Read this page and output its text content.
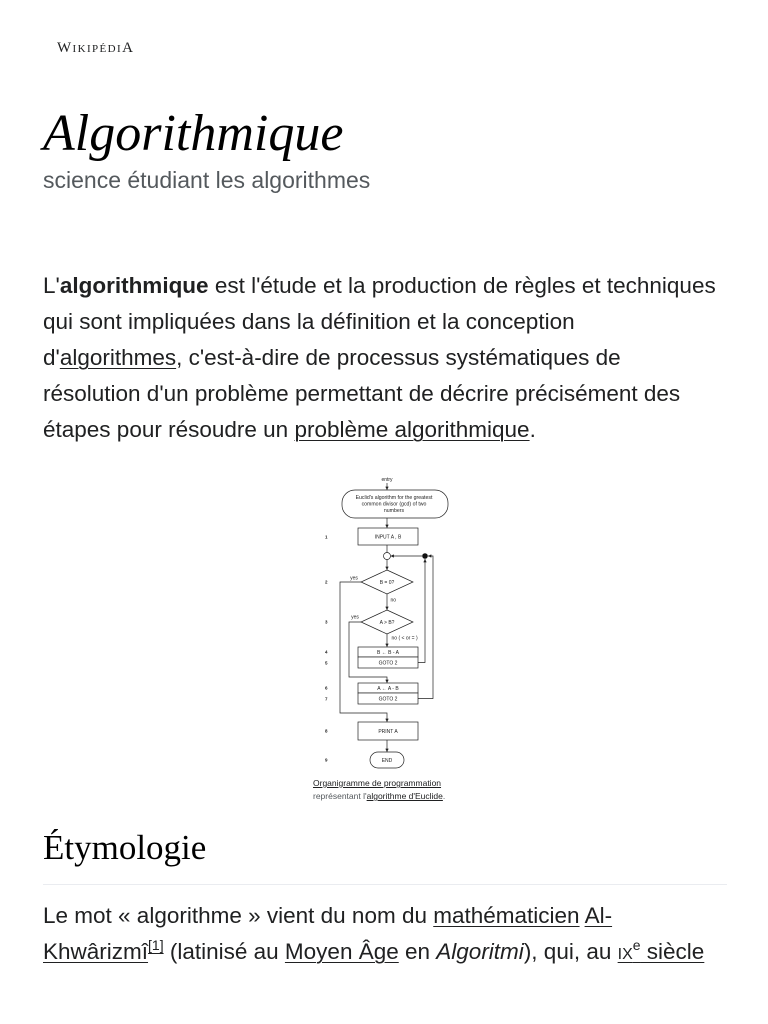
WikipédiA
Algorithmique
science étudiant les algorithmes
L'algorithmique est l'étude et la production de règles et techniques
qui sont impliquées dans la définition et la conception
d'algorithmes, c'est-à-dire de processus systématiques de
résolution d'un problème permettant de décrire précisément des
étapes pour résoudre un problème algorithmique.
entry
Euclid's algorithm for the greatest
common divisor (gcd) of two
numbers
1	INPUT A , B
2	B = 0?
yes
no
3	A > B?
yes
no ( < or = )
4	B ← B - A
5	GOTO 2
6	A ← A - B
7	GOTO 2
8	PRINT A
9	END
Organigramme de programmation
représentant l'algorithme d'Euclide.
Étymologie
Le mot « algorithme » vient du nom du mathématicien Al-
Khwârizmî[1] (latinisé au Moyen Âge en Algoritmi), qui, au $ix^e$ siècle
